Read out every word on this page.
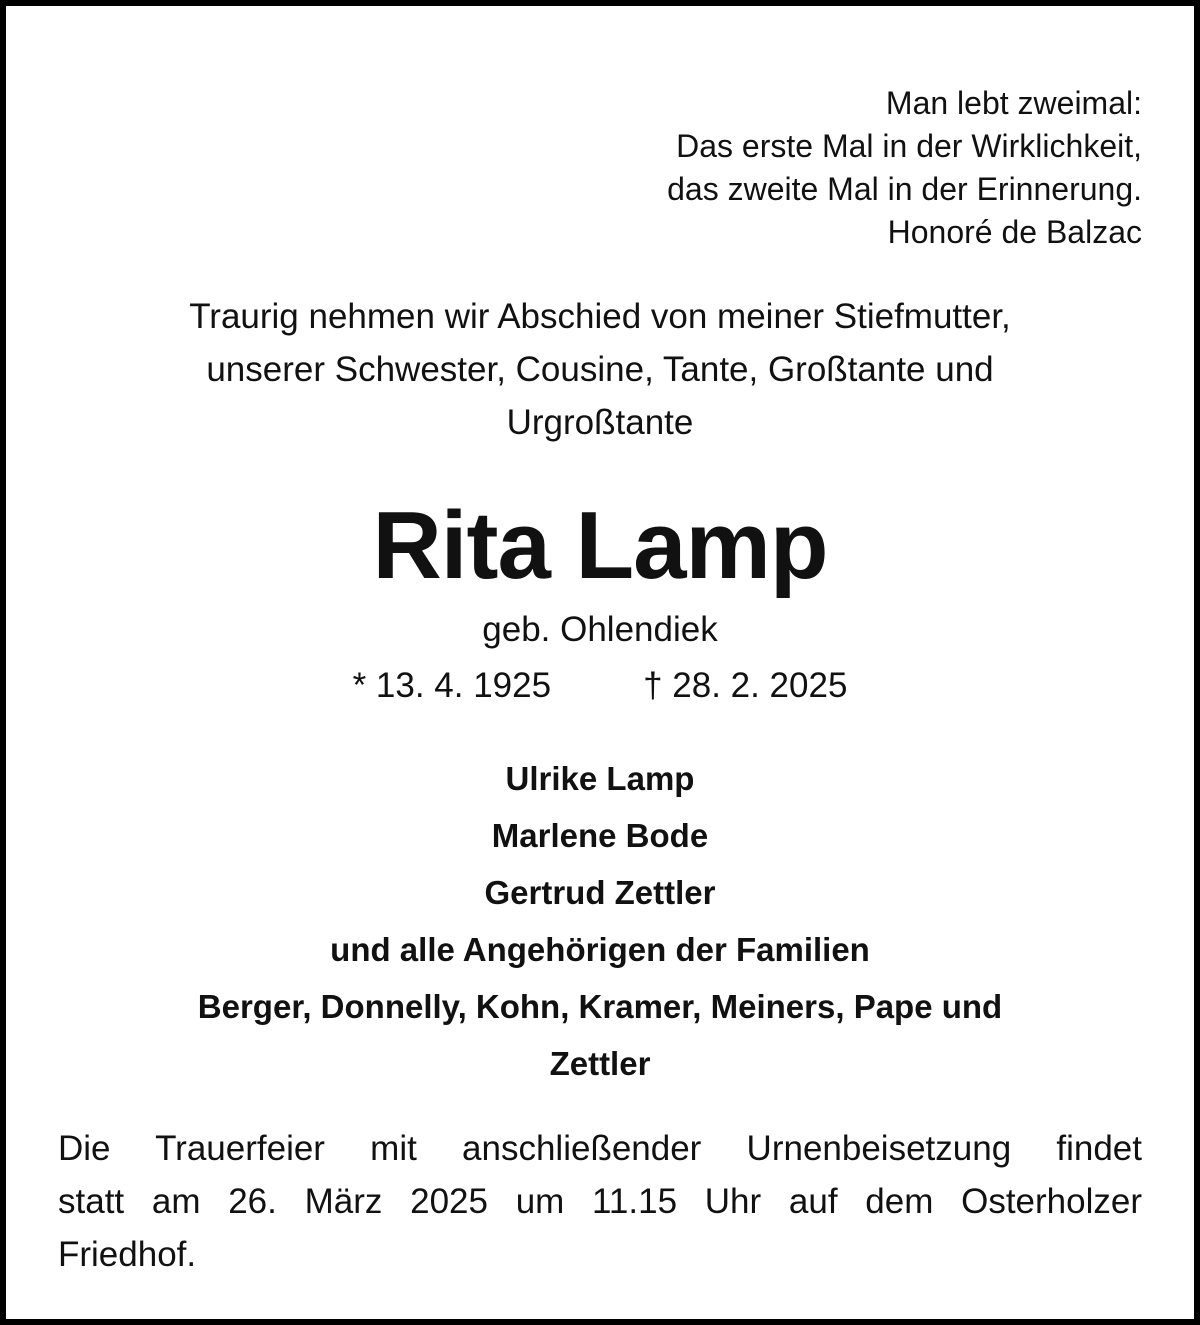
Man lebt zweimal:
Das erste Mal in der Wirklichkeit,
das zweite Mal in der Erinnerung.
Honoré de Balzac
Traurig nehmen wir Abschied von meiner Stiefmutter,
unserer Schwester, Cousine, Tante, Großtante und
Urgroßtante
Rita Lamp
geb. Ohlendiek
* 13. 4. 1925	† 28. 2. 2025
Ulrike Lamp
Marlene Bode
Gertrud Zettler
und alle Angehörigen der Familien
Berger, Donnelly, Kohn, Kramer, Meiners, Pape und
Zettler
Die Trauerfeier mit anschließender Urnenbeisetzung findet
statt am 26. März 2025 um 11.15 Uhr auf dem Osterholzer
Friedhof.
